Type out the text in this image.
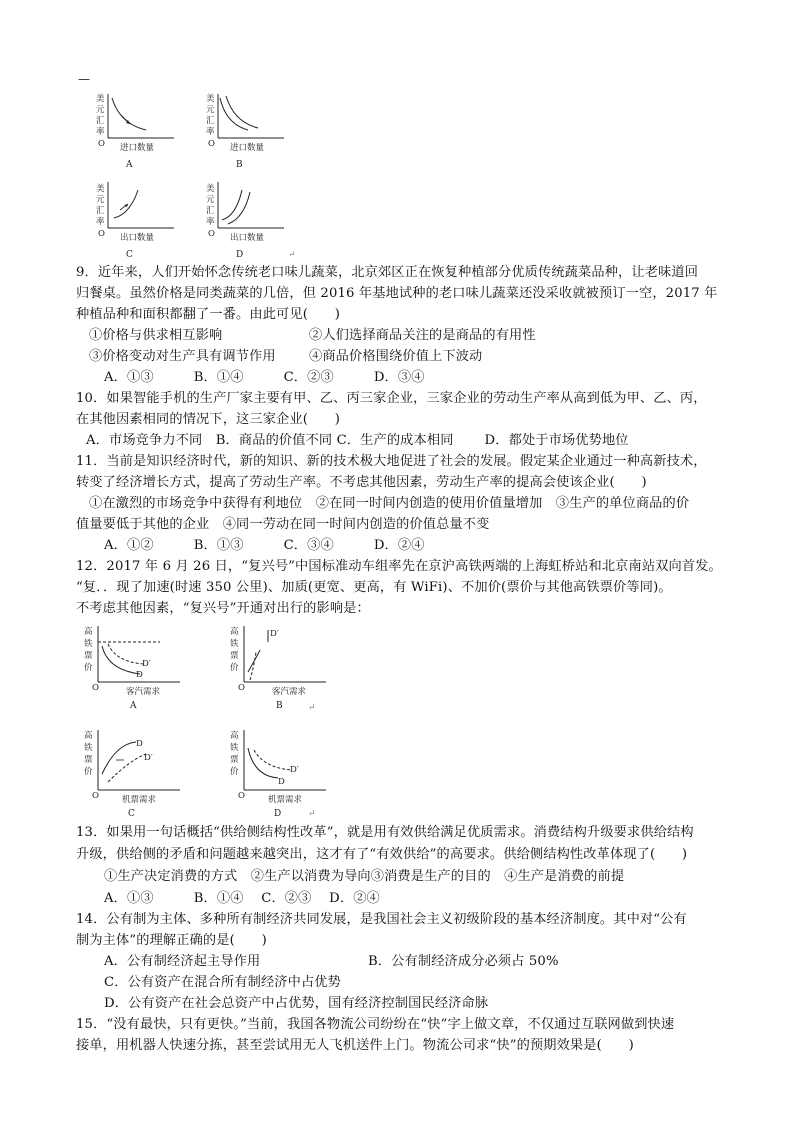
—
美
元
汇
率
O 进口数量
A
美
元
汇
率
O 进口数量
B
美
元
汇
率
O 出口数量
C
美
元
汇
率
O 出口数量
D	↵
9．近年来，人们开始怀念传统老口味儿蔬菜，北京郊区正在恢复种植部分优质传统蔬菜品种，让老味道回
归餐桌。虽然价格是同类蔬菜的几倍，但 2016 年基地试种的老口味儿蔬菜还没采收就被预订一空，2017 年
种植品种和面积都翻了一番。由此可见(　　)
①价格与供求相互影响	②人们选择商品关注的是商品的有用性
③价格变动对生产具有调节作用	④商品价格围绕价值上下波动
A．①③　　　B．①④　　　C．②③　　　D．③④
10．如果智能手机的生产厂家主要有甲、乙、丙三家企业，三家企业的劳动生产率从高到低为甲、乙、丙，
在其他因素相同的情况下，这三家企业(　　)
A．市场竞争力不同　B．商品的价值不同 C．生产的成本相同　　 D．都处于市场优势地位
11．当前是知识经济时代，新的知识、新的技术极大地促进了社会的发展。假定某企业通过一种高新技术，
转变了经济增长方式，提高了劳动生产率。不考虑其他因素，劳动生产率的提高会使该企业(　　)
①在激烈的市场竞争中获得有利地位　②在同一时间内创造的使用价值量增加　③生产的单位商品的价
值量要低于其他的企业　④同一劳动在同一时间内创造的价值总量不变
A．①②　　　B．①③　　　C．③④　　　D．②④
12．2017 年 6 月 26 日，“复兴号”中国标准动车组率先在京沪高铁两端的上海虹桥站和北京南站双向首发。
“复．．现了加速(时速 350 公里)、加质(更宽、更高，有 WiFi)、不加价(票价与其他高铁票价等同)。
不考虑其他因素，“复兴号”开通对出行的影响是：
高
铁
票
价
O
D′
D
客汽需求
A
高
铁
票
价
O
D′
客汽需求
B	↵
高
铁
票
价
O
D
D′
机票需求
C
高
铁
票
价
O
D′
D
机票需求
D	↵
13．如果用一句话概括“供给侧结构性改革”，就是用有效供给满足优质需求。消费结构升级要求供给结构
升级，供给侧的矛盾和问题越来越突出，这才有了“有效供给”的高要求。供给侧结构性改革体现了(　　)
①生产决定消费的方式　②生产以消费为导向③消费是生产的目的　④生产是消费的前提
A．①③　　　B．①④　 C．②③　 D．②④
14．公有制为主体、多种所有制经济共同发展，是我国社会主义初级阶段的基本经济制度。其中对“公有
制为主体”的理解正确的是(　　)
A．公有制经济起主导作用	B．公有制经济成分必须占 50%
C．公有资产在混合所有制经济中占优势
D．公有资产在社会总资产中占优势，国有经济控制国民经济命脉
15．“没有最快，只有更快。”当前，我国各物流公司纷纷在“快”字上做文章，不仅通过互联网做到快速
接单，用机器人快速分拣，甚至尝试用无人飞机送件上门。物流公司求“快”的预期效果是(　　)
